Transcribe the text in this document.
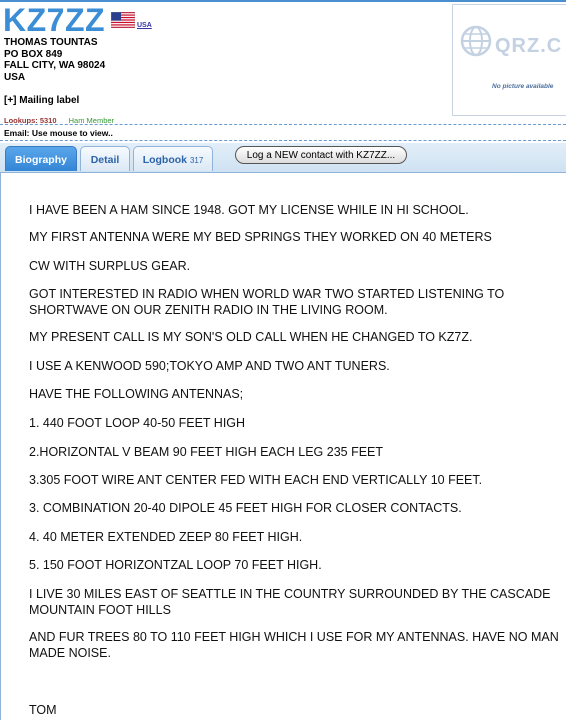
KZ7ZZ	USA
THOMAS TOUNTAS
PO BOX 849
FALL CITY, WA 98024
USA
[+] Mailing label
Lookups: 5310 Ham Member
Email: Use mouse to view..
QRZ.C
No picture available
Biography	Detail	Logbook 317	Log a NEW contact with KZ7ZZ...

I HAVE BEEN A HAM SINCE 1948. GOT MY LICENSE WHILE IN HI SCHOOL.

MY FIRST ANTENNA WERE MY BED SPRINGS THEY WORKED ON 40 METERS

CW WITH SURPLUS GEAR.

GOT INTERESTED IN RADIO WHEN WORLD WAR TWO STARTED LISTENING TO SHORTWAVE ON OUR ZENITH RADIO IN THE LIVING ROOM.

MY PRESENT CALL IS MY SON'S OLD CALL WHEN HE CHANGED TO KZ7Z.

I USE A KENWOOD 590;TOKYO AMP AND TWO ANT TUNERS.

HAVE THE FOLLOWING ANTENNAS;

1. 440 FOOT LOOP 40-50 FEET HIGH

2.HORIZONTAL V BEAM 90 FEET HIGH EACH LEG 235 FEET

3.305 FOOT WIRE ANT CENTER FED WITH EACH END VERTICALLY 10 FEET.

3. COMBINATION 20-40 DIPOLE 45 FEET HIGH FOR CLOSER CONTACTS.

4. 40 METER EXTENDED ZEEP 80 FEET HIGH.

5. 150 FOOT HORIZONTZAL LOOP 70 FEET HIGH.

I LIVE 30 MILES EAST OF SEATTLE IN THE COUNTRY SURROUNDED BY THE CASCADE MOUNTAIN FOOT HILLS

AND FUR TREES 80 TO 110 FEET HIGH WHICH I USE FOR MY ANTENNAS. HAVE NO MAN MADE NOISE.

TOM
